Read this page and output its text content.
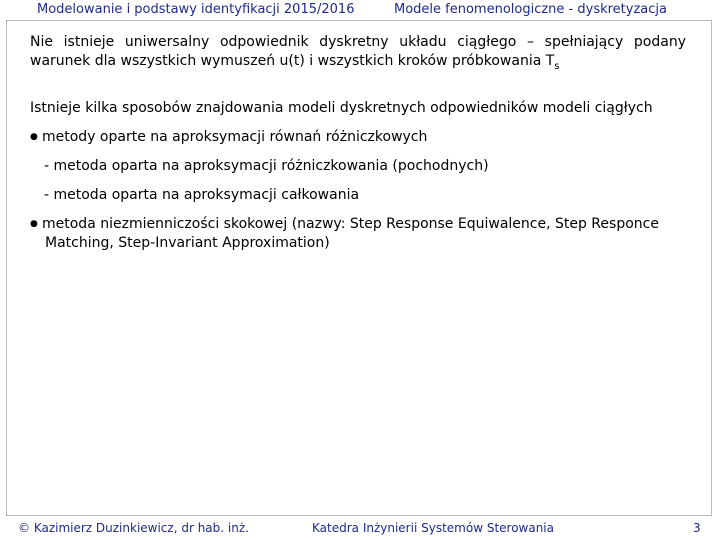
Modelowanie i podstawy identyfikacji 2015/2016	Modele fenomenologiczne - dyskretyzacja

Nie istnieje uniwersalny odpowiednik dyskretny układu ciągłego – spełniający podany warunek dla wszystkich wymuszeń u(t) i wszystkich kroków próbkowania $T_s$

Istnieje kilka sposobów znajdowania modeli dyskretnych odpowiedników modeli ciągłych
● metody oparte na aproksymacji równań różniczkowych
- metoda oparta na aproksymacji różniczkowania (pochodnych)
- metoda oparta na aproksymacji całkowania
● metoda niezmienniczości skokowej (nazwy: Step Response Equiwalence, Step Responce
Matching, Step-Invariant Approximation)
© Kazimierz Duzinkiewicz, dr hab. inż.	Katedra Inżynierii Systemów Sterowania	3
